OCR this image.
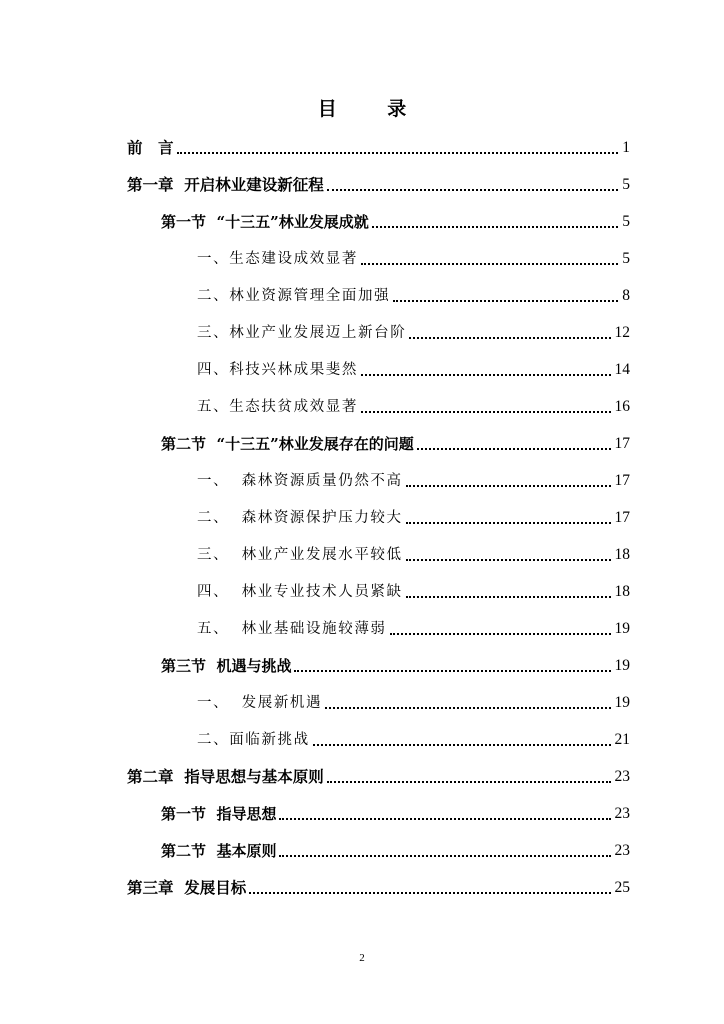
目 录
前　言	1
第一章  开启林业建设新征程	5
第一节  “十三五”林业发展成就	5
一、生态建设成效显著	5
二、林业资源管理全面加强	8
三、林业产业发展迈上新台阶	12
四、科技兴林成果斐然	14
五、生态扶贫成效显著	16
第二节  “十三五”林业发展存在的问题	17
一、  森林资源质量仍然不高	17
二、  森林资源保护压力较大	17
三、  林业产业发展水平较低	18
四、  林业专业技术人员紧缺	18
五、  林业基础设施较薄弱	19
第三节  机遇与挑战	19
一、  发展新机遇	19
二、面临新挑战	21
第二章  指导思想与基本原则	23
第一节  指导思想	23
第二节  基本原则	23
第三章  发展目标	25
2
